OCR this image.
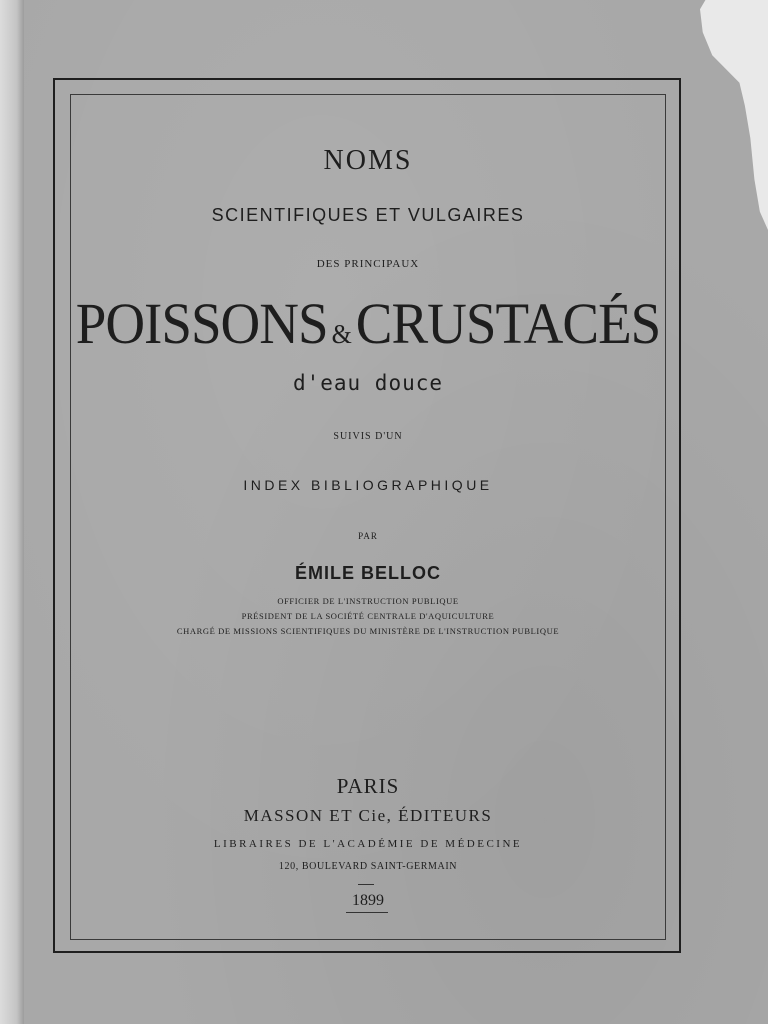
NOMS
SCIENTIFIQUES ET VULGAIRES
DES PRINCIPAUX
POISSONS &CRUSTACÉS
d'eau douce
SUIVIS D'UN
INDEX BIBLIOGRAPHIQUE
PAR
ÉMILE BELLOC
OFFICIER DE L'INSTRUCTION PUBLIQUE
PRÉSIDENT DE LA SOCIÉTÉ CENTRALE D'AQUICULTURE
CHARGÉ DE MISSIONS SCIENTIFIQUES DU MINISTÈRE DE L'INSTRUCTION PUBLIQUE
PARIS
MASSON ET Cie, ÉDITEURS
LIBRAIRES DE L'ACADÉMIE DE MÉDECINE
120, BOULEVARD SAINT-GERMAIN
1899
